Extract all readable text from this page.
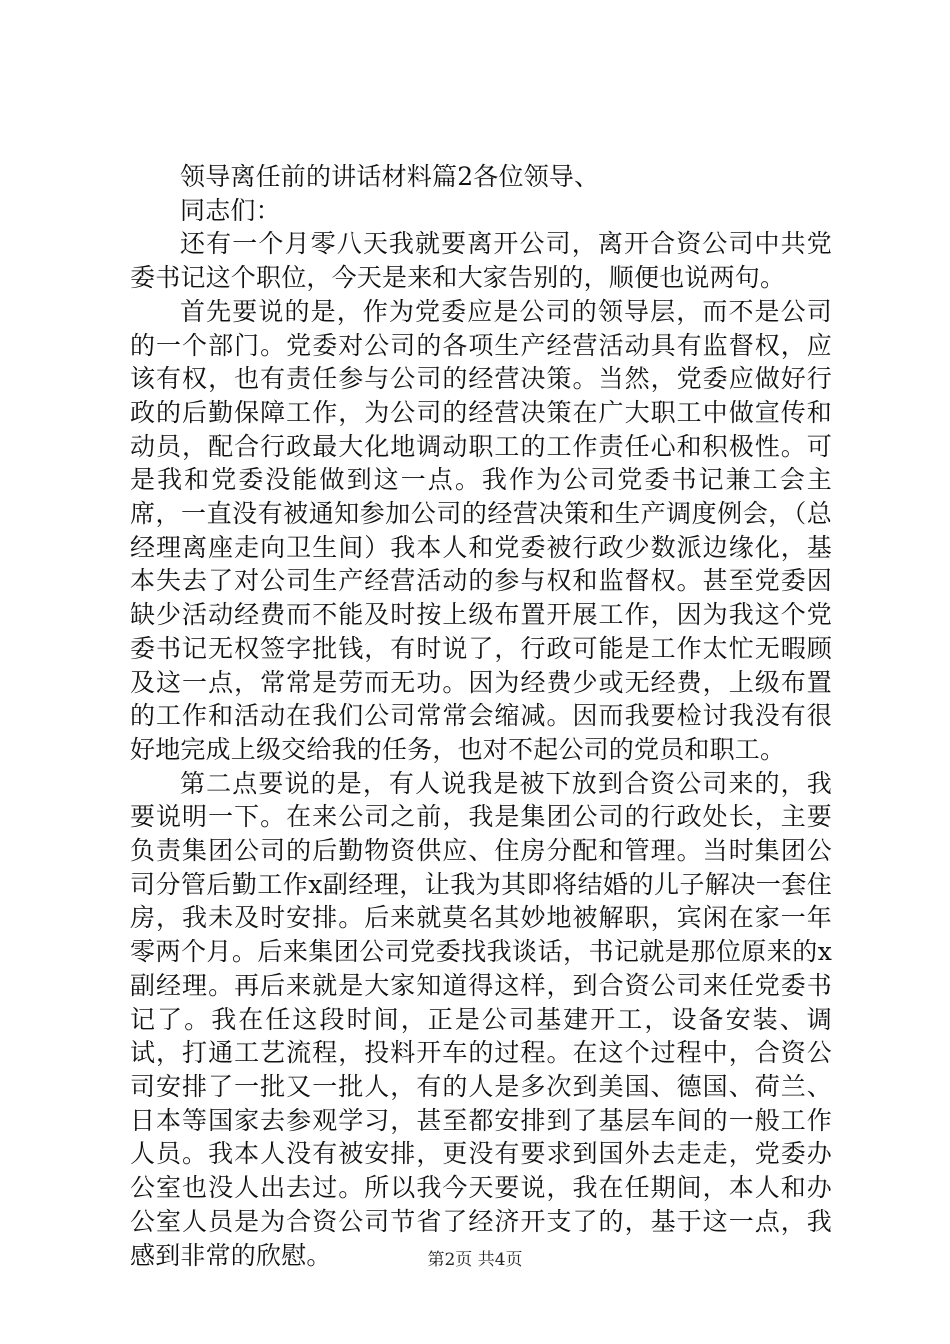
领导离任前的讲话材料篇2各位领导、

同志们：

还有一个月零八天我就要离开公司，离开合资公司中共党委书记这个职位，今天是来和大家告别的，顺便也说两句。

首先要说的是，作为党委应是公司的领导层，而不是公司的一个部门。党委对公司的各项生产经营活动具有监督权，应该有权，也有责任参与公司的经营决策。当然，党委应做好行政的后勤保障工作，为公司的经营决策在广大职工中做宣传和动员，配合行政最大化地调动职工的工作责任心和积极性。可是我和党委没能做到这一点。我作为公司党委书记兼工会主席，一直没有被通知参加公司的经营决策和生产调度例会，（总经理离座走向卫生间）我本人和党委被行政少数派边缘化，基本失去了对公司生产经营活动的参与权和监督权。甚至党委因缺少活动经费而不能及时按上级布置开展工作，因为我这个党委书记无权签字批钱，有时说了，行政可能是工作太忙无暇顾及这一点，常常是劳而无功。因为经费少或无经费，上级布置的工作和活动在我们公司常常会缩减。因而我要检讨我没有很好地完成上级交给我的任务，也对不起公司的党员和职工。

第二点要说的是，有人说我是被下放到合资公司来的，我要说明一下。在来公司之前，我是集团公司的行政处长，主要负责集团公司的后勤物资供应、住房分配和管理。当时集团公司分管后勤工作x副经理，让我为其即将结婚的儿子解决一套住房，我未及时安排。后来就莫名其妙地被解职，宾闲在家一年零两个月。后来集团公司党委找我谈话，书记就是那位原来的x副经理。再后来就是大家知道得这样，到合资公司来任党委书记了。我在任这段时间，正是公司基建开工，设备安装、调试，打通工艺流程，投料开车的过程。在这个过程中，合资公司安排了一批又一批人，有的人是多次到美国、德国、荷兰、日本等国家去参观学习，甚至都安排到了基层车间的一般工作人员。我本人没有被安排，更没有要求到国外去走走，党委办公室也没人出去过。所以我今天要说，我在任期间，本人和办公室人员是为合资公司节省了经济开支了的，基于这一点，我感到非常的欣慰。	第2页 共4页
